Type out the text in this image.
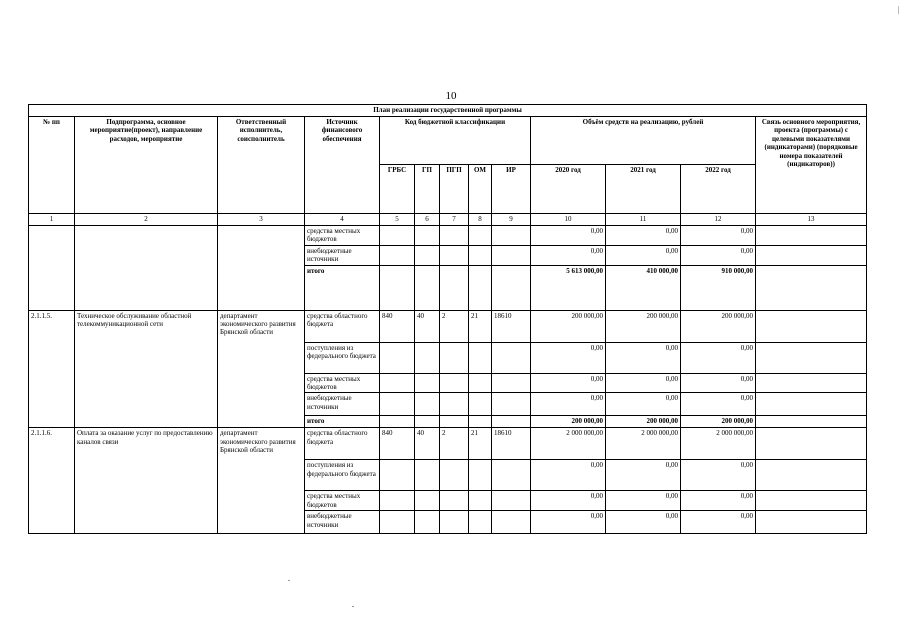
10
План реализации государственной программы												
№ пп	Подпрограмма, основное мероприятие(проект), направление расходов, мероприятие	Ответственный исполнитель, соисполнитель	Источник финансового обеспечения	Код бюджетной классификации					Объём средств на реализацию, рублей			Связь основного мероприятия, проекта (программы) с целевыми показателями (индикаторами) (порядковые номера показателей (индикаторов))
				ГРБС	ГП	ПГП	ОМ	ИР	2020 год	2021 год	2022 год	
1	2	3	4	5	6	7	8	9	10	11	12	13
			средства местных бюджетов						0,00	0,00	0,00	
			внебюджетные источники						0,00	0,00	0,00	
			итого						5 613 000,00	410 000,00	910 000,00	
2.1.1.5.	Техническое обслуживание областной телекоммуникационной сети	департамент экономического развития Брянской области	средства областного бюджета	840	40	2	21	18610	200 000,00	200 000,00	200 000,00	
			поступления из федерального бюджета						0,00	0,00	0,00	
			средства местных бюджетов						0,00	0,00	0,00	
			внебюджетные источники						0,00	0,00	0,00	
			итого						200 000,00	200 000,00	200 000,00	
2.1.1.6.	Оплата за оказание услуг по предоставлению каналов связи	департамент экономического развития Брянской области	средства областного бюджета	840	40	2	21	18610	2 000 000,00	2 000 000,00	2 000 000,00	
			поступления из федерального бюджета						0,00	0,00	0,00	
			средства местных бюджетов						0,00	0,00	0,00	
			внебюджетные источники						0,00	0,00	0,00	
